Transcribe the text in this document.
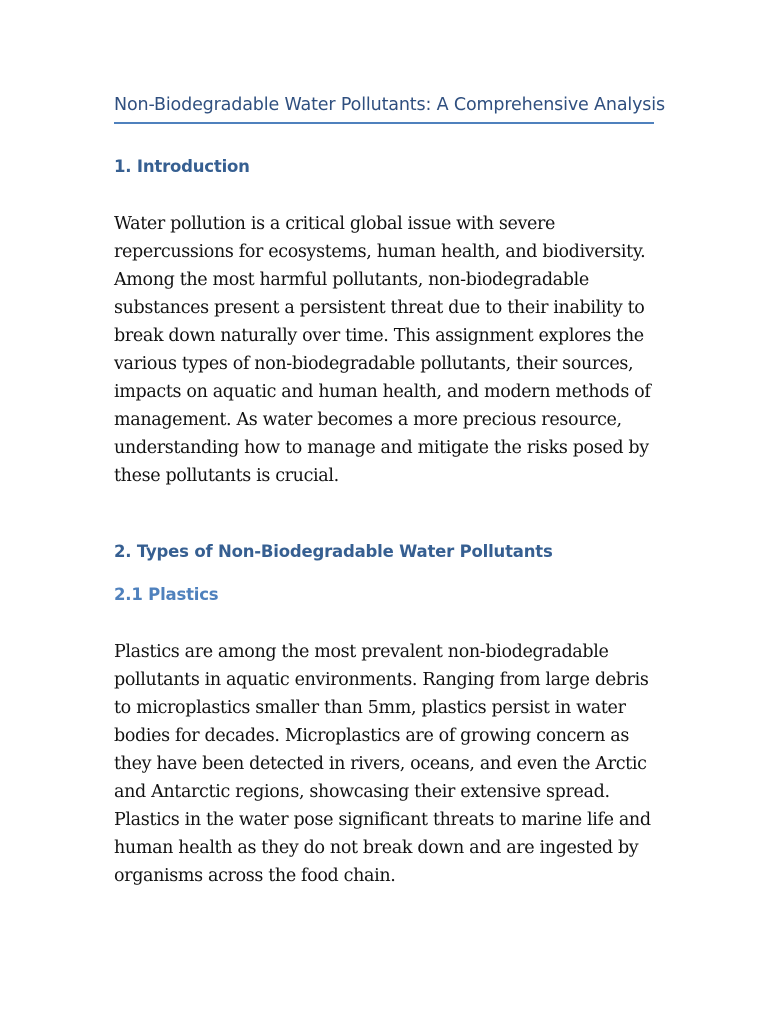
Non-Biodegradable Water Pollutants: A Comprehensive Analysis
1. Introduction

Water pollution is a critical global issue with severe
repercussions for ecosystems, human health, and biodiversity.
Among the most harmful pollutants, non-biodegradable
substances present a persistent threat due to their inability to
break down naturally over time. This assignment explores the
various types of non-biodegradable pollutants, their sources,
impacts on aquatic and human health, and modern methods of
management. As water becomes a more precious resource,
understanding how to manage and mitigate the risks posed by
these pollutants is crucial.

2. Types of Non-Biodegradable Water Pollutants
2.1 Plastics

Plastics are among the most prevalent non-biodegradable
pollutants in aquatic environments. Ranging from large debris
to microplastics smaller than 5mm, plastics persist in water
bodies for decades. Microplastics are of growing concern as
they have been detected in rivers, oceans, and even the Arctic
and Antarctic regions, showcasing their extensive spread.
Plastics in the water pose significant threats to marine life and
human health as they do not break down and are ingested by
organisms across the food chain.
